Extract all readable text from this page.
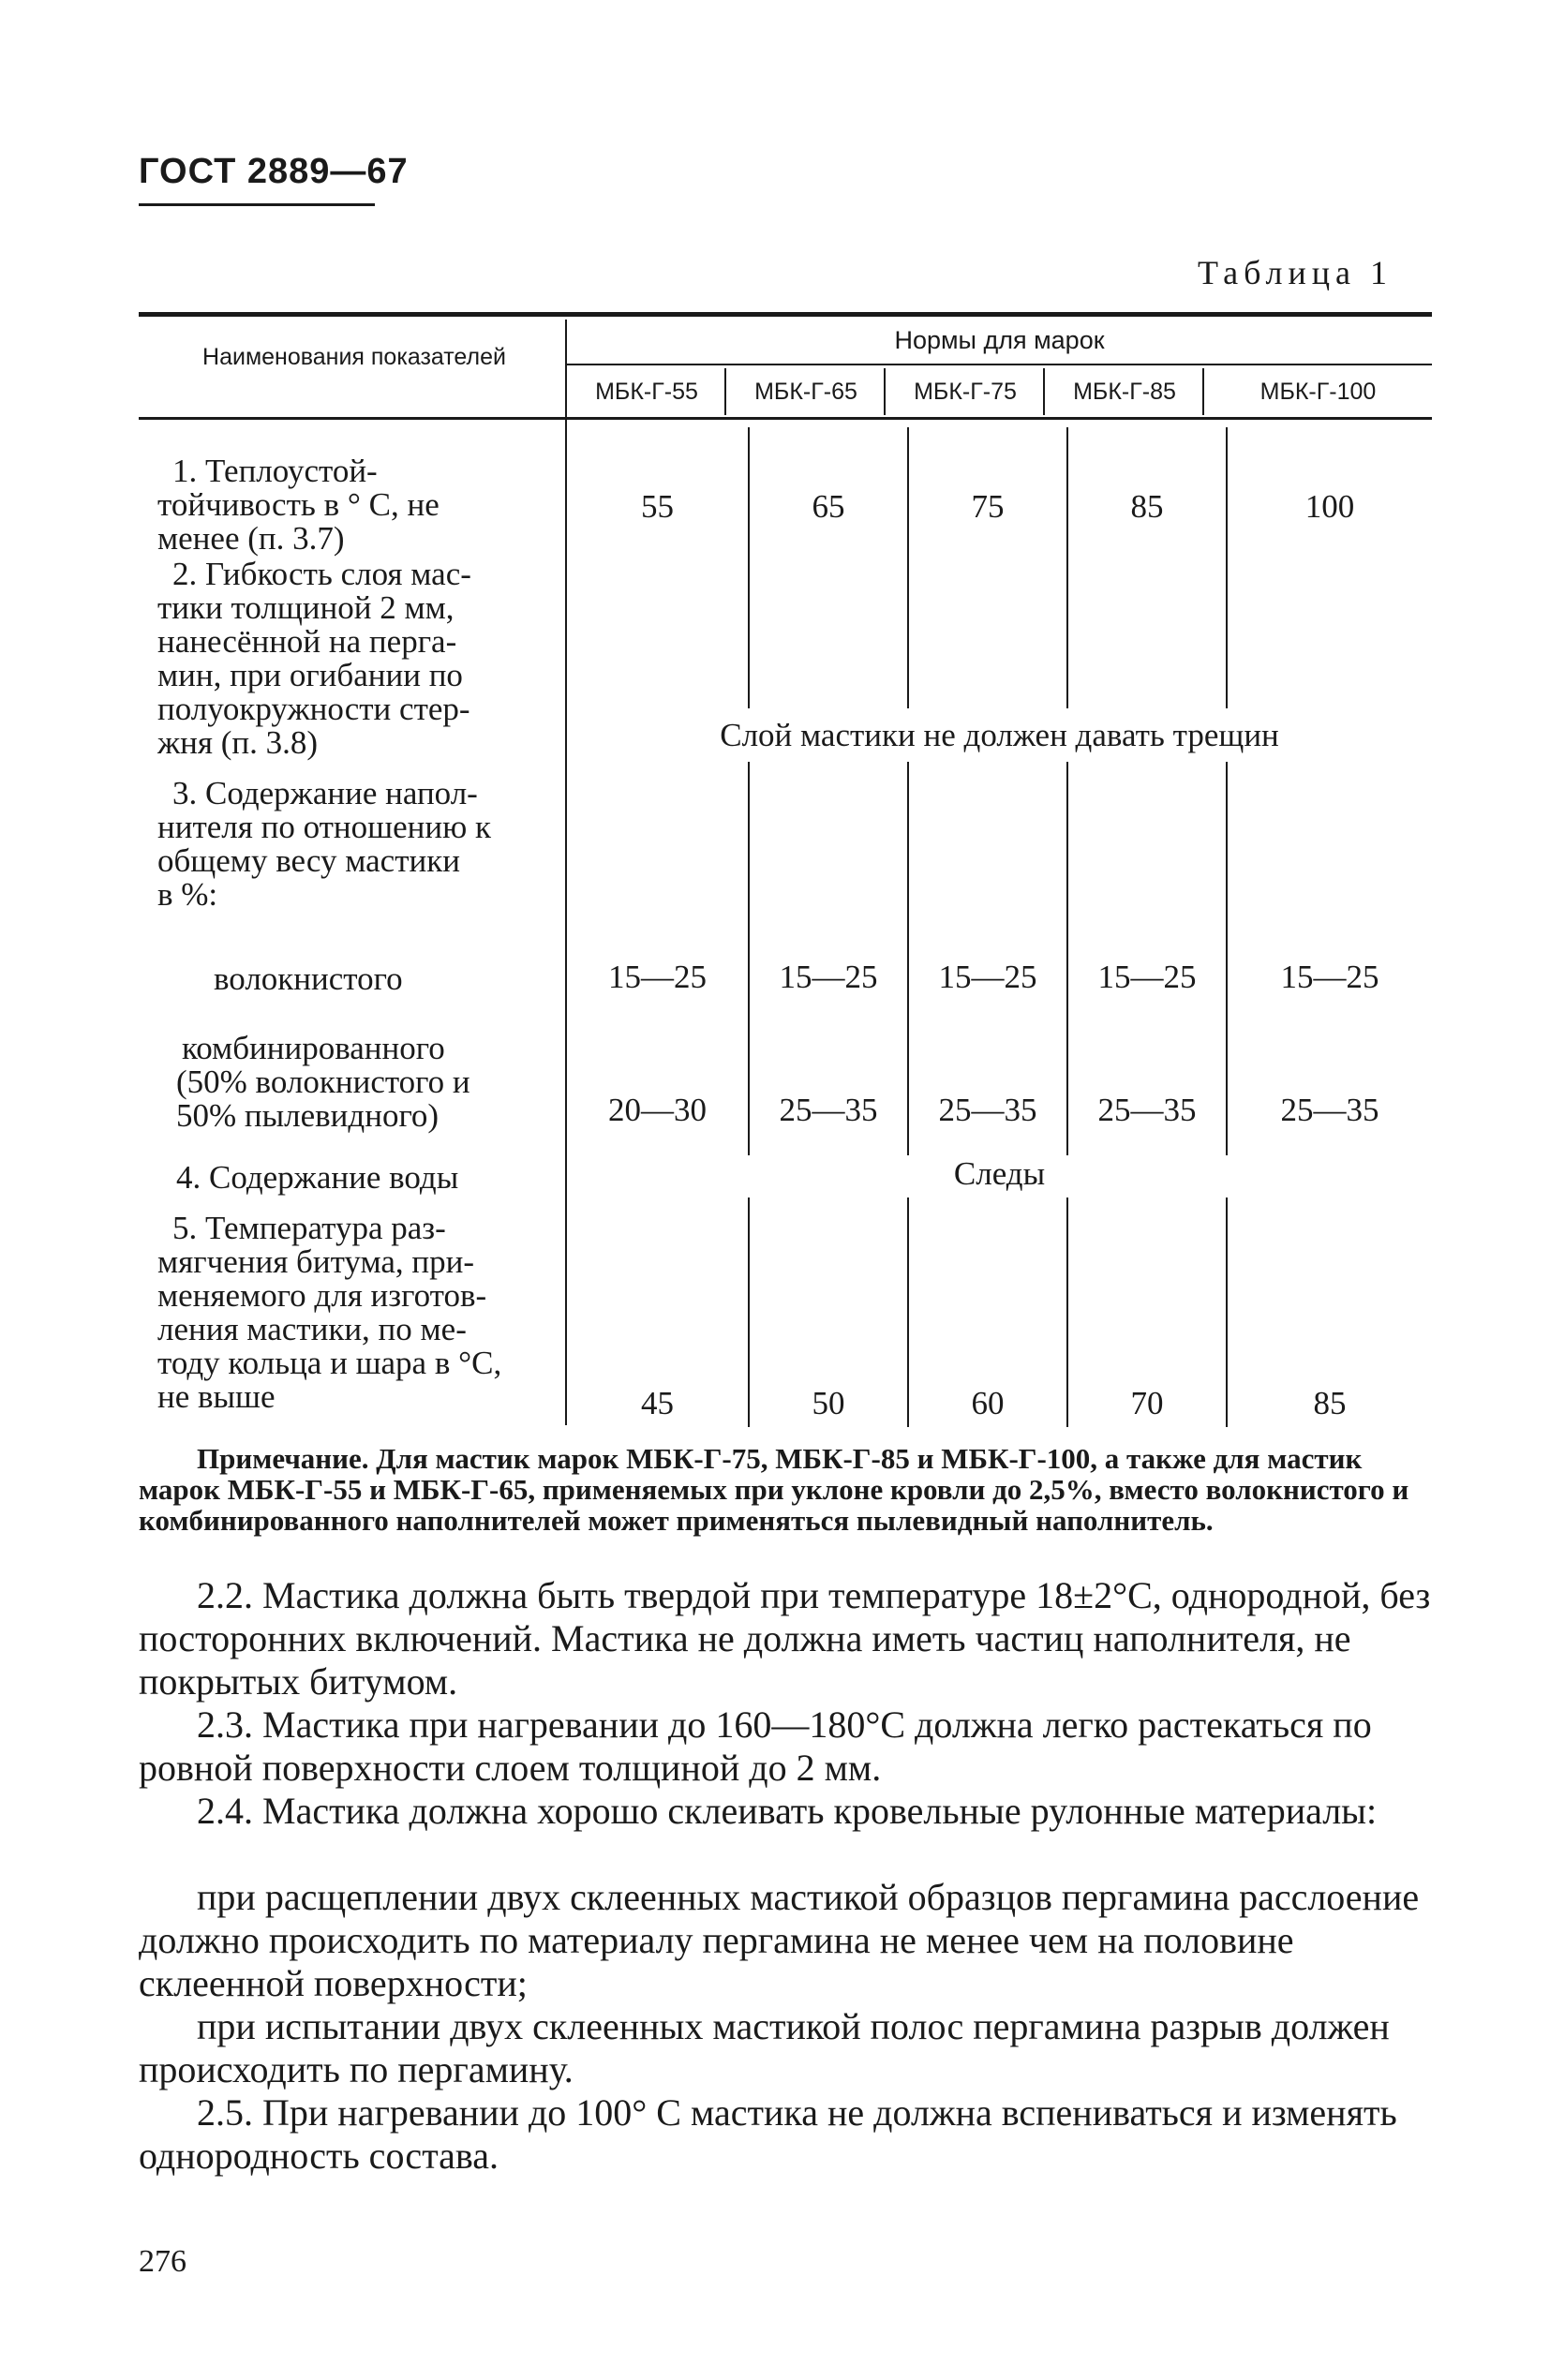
ГОСТ 2889—67
Таблица 1
Наименования показателей
Нормы для марок
МБК-Г-55	МБК-Г-65	МБК-Г-75	МБК-Г-85	МБК-Г-100
1. Теплоустой-
тойчивость в ° С, не
менее (п. 3.7)
55	65	75	85	100
2. Гибкость слоя мас-
тики толщиной 2 мм,
нанесённой на перга-
мин, при огибании по
полуокружности стер-
жня (п. 3.8)	Слой мастики не должен давать трещин
3. Содержание напол-
нителя по отношению к
общему весу мастики
в %:
волокнистого	15—25	15—25	15—25	15—25	15—25
комбинированного
(50% волокнистого и
50% пылевидного)	20—30	25—35	25—35	25—35	25—35
4. Содержание воды	Следы
5. Температура раз-
мягчения битума, при-
меняемого для изготов-
ления мастики, по ме-
тоду кольца и шара в °С,
не выше	45	50	60	70	85
Примечание. Для мастик марок МБК-Г-75, МБК-Г-85 и МБК-Г-100, а также для мастик марок МБК-Г-55 и МБК-Г-65, применяемых при уклоне кровли до 2,5%, вместо волокнистого и комбинированного наполнителей может применяться пылевидный наполнитель.
2.2. Мастика должна быть твердой при температуре 18±2°С, однородной, без посторонних включений. Мастика не должна иметь частиц наполнителя, не покрытых битумом.
2.3. Мастика при нагревании до 160—180°С должна легко растекаться по ровной поверхности слоем толщиной до 2 мм.
2.4. Мастика должна хорошо склеивать кровельные рулонные материалы:
при расщеплении двух склеенных мастикой образцов пергамина расслоение должно происходить по материалу пергамина не менее чем на половине склеенной поверхности;
при испытании двух склеенных мастикой полос пергамина разрыв должен происходить по пергамину.
2.5. При нагревании до 100° С мастика не должна вспениваться и изменять однородность состава.
276
